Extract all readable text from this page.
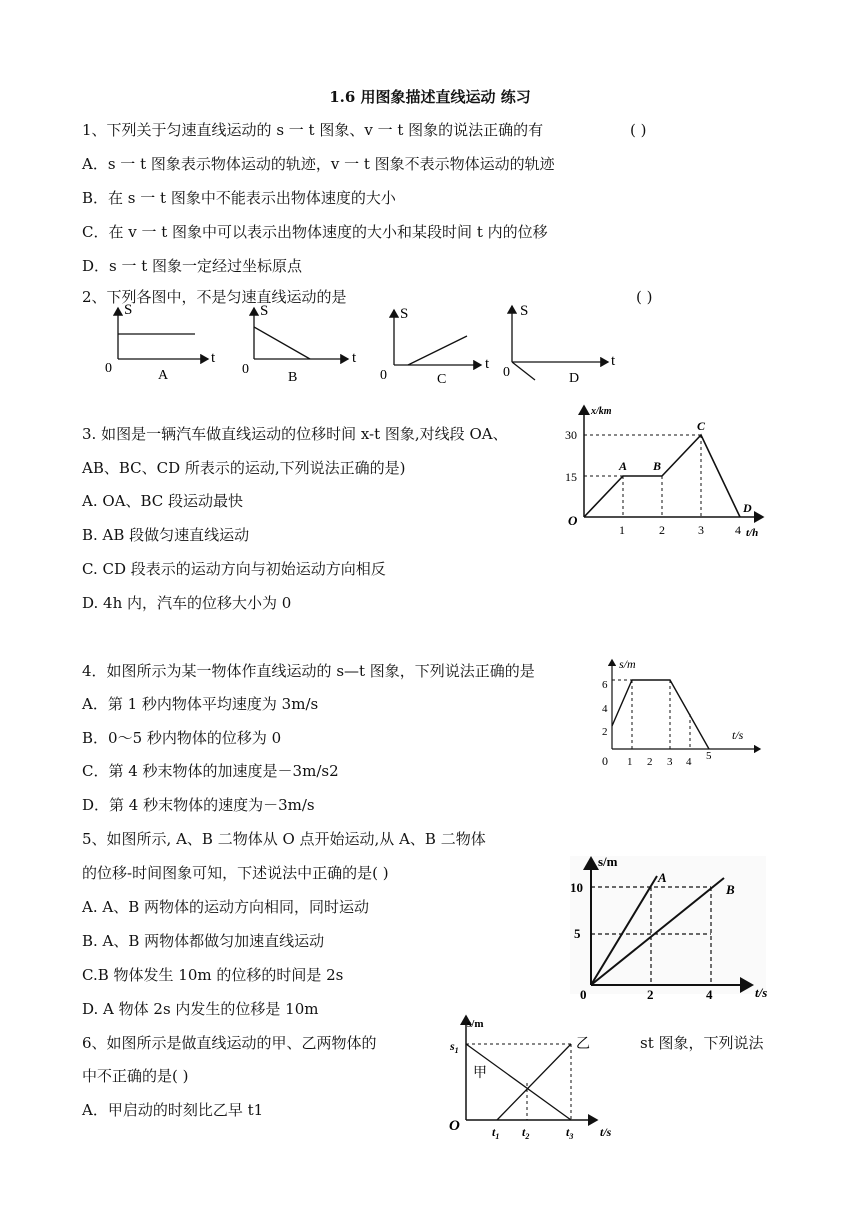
1.6 用图象描述直线运动 练习
1、下列关于匀速直线运动的 s 一 t 图象、v 一 t 图象的说法正确的有	( )
A．s 一 t 图象表示物体运动的轨迹，v 一 t 图象不表示物体运动的轨迹
B．在 s 一 t 图象中不能表示出物体速度的大小
C．在 v 一 t 图象中可以表示出物体速度的大小和某段时间 t 内的位移
D．s 一 t 图象一定经过坐标原点
2、下列各图中，不是匀速直线运动的是	( )
S
t
0	A
S
t
0
B
S
t
0	C
S
t
0	D
3. 如图是一辆汽车做直线运动的位移时间 x-t 图象,对线段 OA、
AB、BC、CD 所表示的运动,下列说法正确的是)
A. OA、BC 段运动最快
B. AB 段做匀速直线运动
C. CD 段表示的运动方向与初始运动方向相反
D. 4h 内，汽车的位移大小为 0
x/km
t/h
O
30
15
1	2	3	4
A B
C
D
4．如图所示为某一物体作直线运动的 s—t 图象，下列说法正确的是
A．第 1 秒内物体平均速度为 3m/s
B．0～5 秒内物体的位移为 0
C．第 4 秒末物体的加速度是－3m/s2
D．第 4 秒末物体的速度为－3m/s
s/m
t/s
0
6
4
2
1 2 3 4 5
5、如图所示, A、B 二物体从 O 点开始运动,从 A、B 二物体
的位移-时间图象可知，下述说法中正确的是( )
A. A、B 两物体的运动方向相同，同时运动
B. A、B 两物体都做匀加速直线运动
C.B 物体发生 10m 的位移的时间是 2s
D. A 物体 2s 内发生的位移是 10m
s/m
t/s
0
10
5
2	4
A
B
6、如图所示是做直线运动的甲、乙两物体的	st 图象，下列说法
中不正确的是( )
A．甲启动的时刻比乙早 t1
s/m
t/s
O
$s_1$
$t_1$ $t_2$	$t_3$
甲
乙
